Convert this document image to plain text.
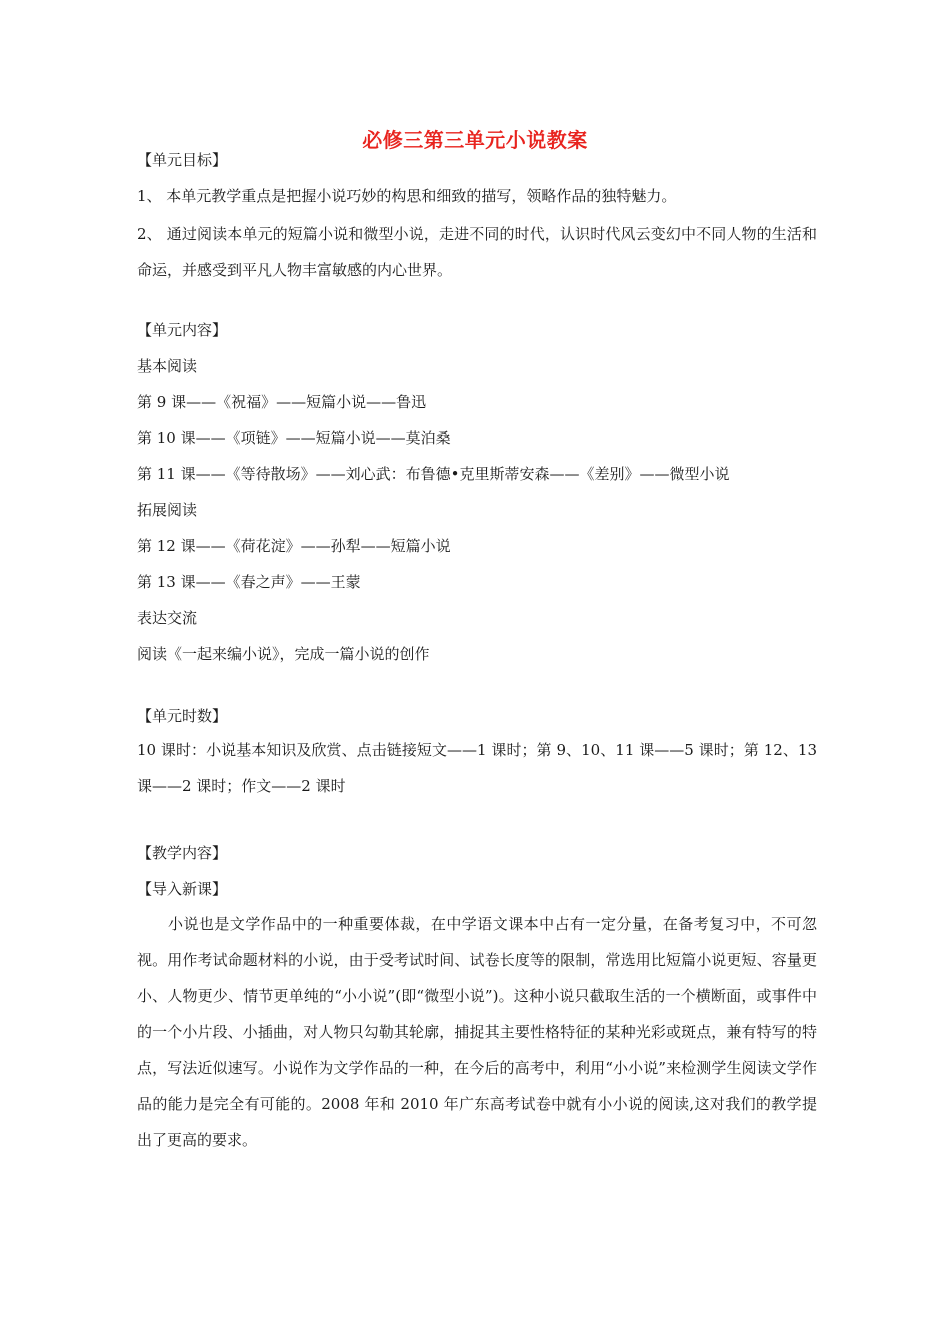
必修三第三单元小说教案
【单元目标】
1、 本单元教学重点是把握小说巧妙的构思和细致的描写，领略作品的独特魅力。
2、 通过阅读本单元的短篇小说和微型小说，走进不同的时代，认识时代风云变幻中不同人物的生活和命运，并感受到平凡人物丰富敏感的内心世界。
【单元内容】
基本阅读
第 9 课——《祝福》——短篇小说——鲁迅
第 10 课——《项链》——短篇小说——莫泊桑
第 11 课——《等待散场》——刘心武：布鲁德•克里斯蒂安森——《差别》——微型小说
拓展阅读
第 12 课——《荷花淀》——孙犁——短篇小说
第 13 课——《春之声》——王蒙
表达交流
阅读《一起来编小说》，完成一篇小说的创作
【单元时数】
10 课时：小说基本知识及欣赏、点击链接短文——1 课时；第 9、10、11 课——5 课时；第 12、13 课——2 课时；作文——2 课时
【教学内容】
【导入新课】
小说也是文学作品中的一种重要体裁，在中学语文课本中占有一定分量，在备考复习中，不可忽视。用作考试命题材料的小说，由于受考试时间、试卷长度等的限制，常选用比短篇小说更短、容量更小、人物更少、情节更单纯的“小小说”(即“微型小说”)。这种小说只截取生活的一个横断面，或事件中的一个小片段、小插曲，对人物只勾勒其轮廓，捕捉其主要性格特征的某种光彩或斑点，兼有特写的特点，写法近似速写。小说作为文学作品的一种，在今后的高考中，利用“小小说”来检测学生阅读文学作品的能力是完全有可能的。2008 年和 2010 年广东高考试卷中就有小小说的阅读,这对我们的教学提出了更高的要求。
